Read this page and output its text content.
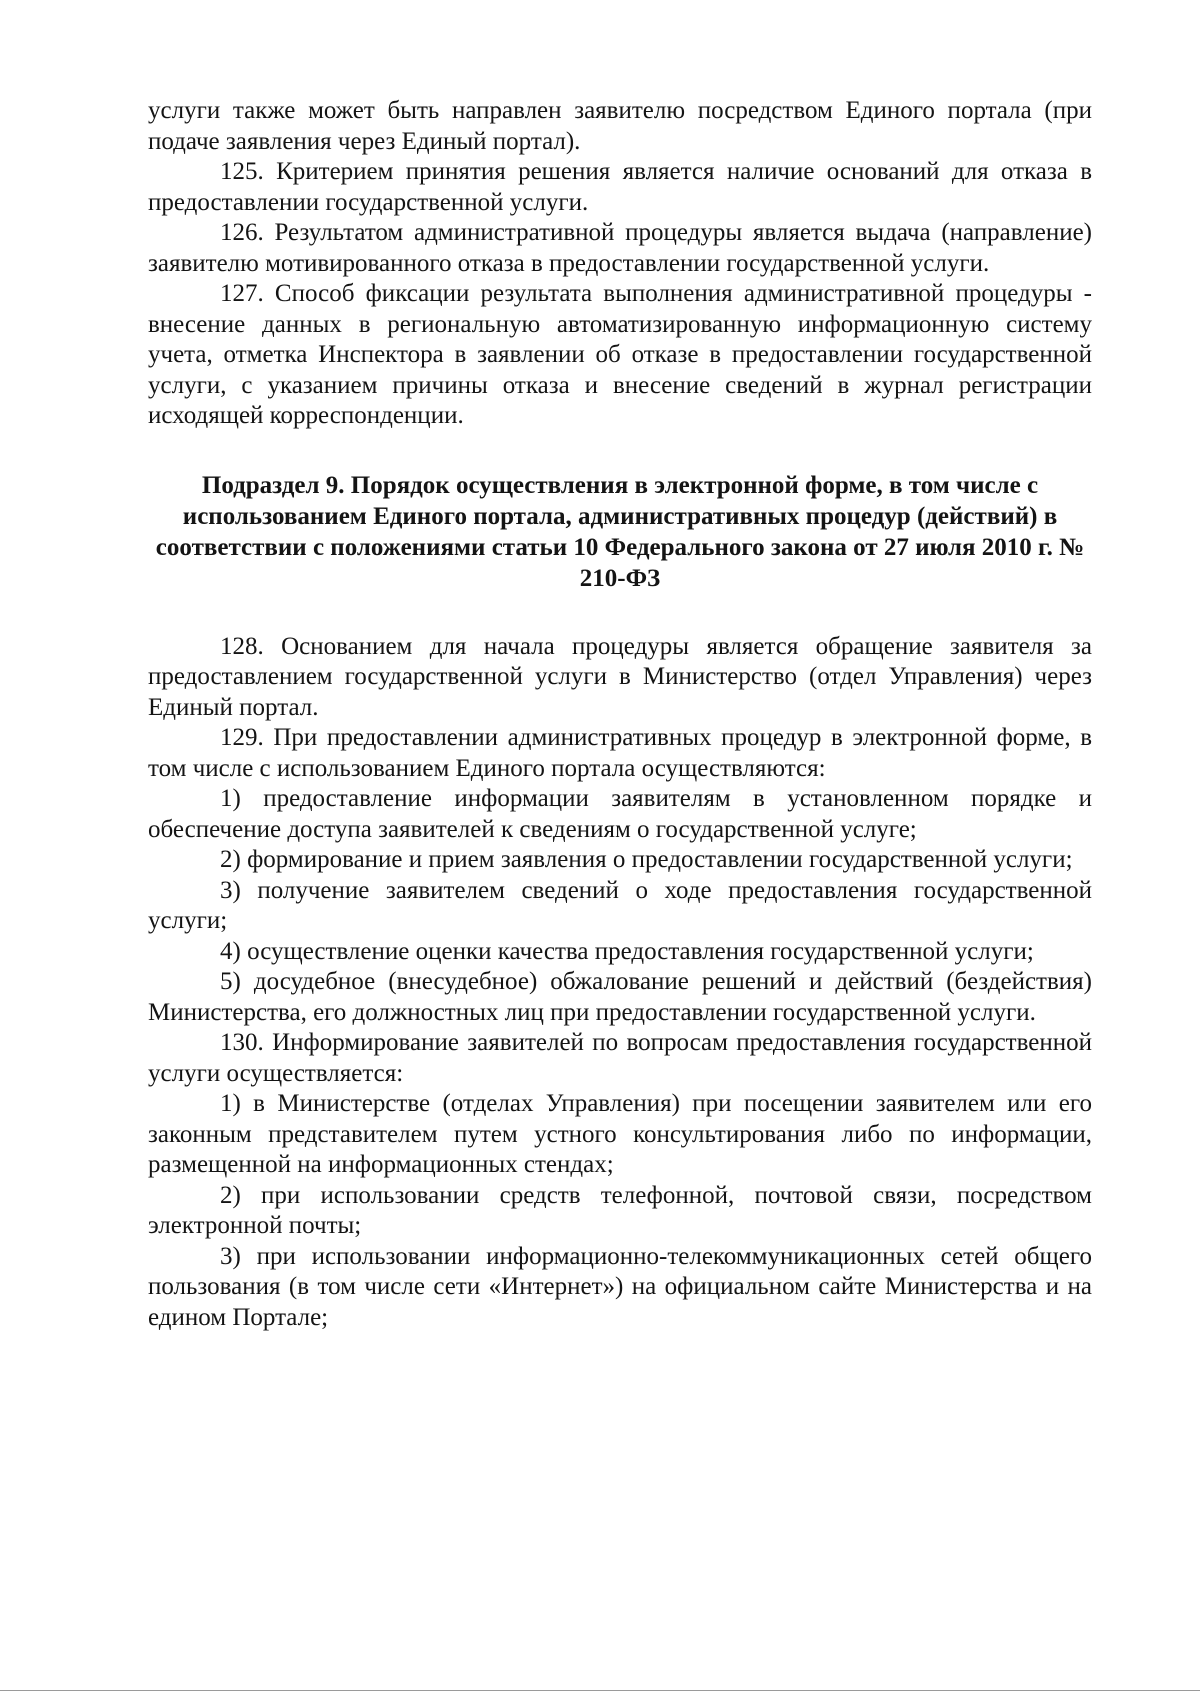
услуги также может быть направлен заявителю посредством Единого портала (при подаче заявления через Единый портал).

125. Критерием принятия решения является наличие оснований для отказа в предоставлении государственной услуги.

126. Результатом административной процедуры является выдача (направление) заявителю мотивированного отказа в предоставлении государственной услуги.

127. Способ фиксации результата выполнения административной процедуры - внесение данных в региональную автоматизированную информационную систему учета, отметка Инспектора в заявлении об отказе в предоставлении государственной услуги, с указанием причины отказа и внесение сведений в журнал регистрации исходящей корреспонденции.

Подраздел 9. Порядок осуществления в электронной форме, в том числе с использованием Единого портала, административных процедур (действий) в соответствии с положениями статьи 10 Федерального закона от 27 июля 2010 г. № 210-ФЗ

128. Основанием для начала процедуры является обращение заявителя за предоставлением государственной услуги в Министерство (отдел Управления) через Единый портал.

129. При предоставлении административных процедур в электронной форме, в том числе с использованием Единого портала осуществляются:

1) предоставление информации заявителям в установленном порядке и обеспечение доступа заявителей к сведениям о государственной услуге;

2) формирование и прием заявления о предоставлении государственной услуги;

3) получение заявителем сведений о ходе предоставления государственной услуги;

4) осуществление оценки качества предоставления государственной услуги;

5) досудебное (внесудебное) обжалование решений и действий (бездействия) Министерства, его должностных лиц при предоставлении государственной услуги.

130. Информирование заявителей по вопросам предоставления государственной услуги осуществляется:

1) в Министерстве (отделах Управления) при посещении заявителем или его законным представителем путем устного консультирования либо по информации, размещенной на информационных стендах;

2) при использовании средств телефонной, почтовой связи, посредством электронной почты;

3) при использовании информационно-телекоммуникационных сетей общего пользования (в том числе сети «Интернет») на официальном сайте Министерства и на едином Портале;
